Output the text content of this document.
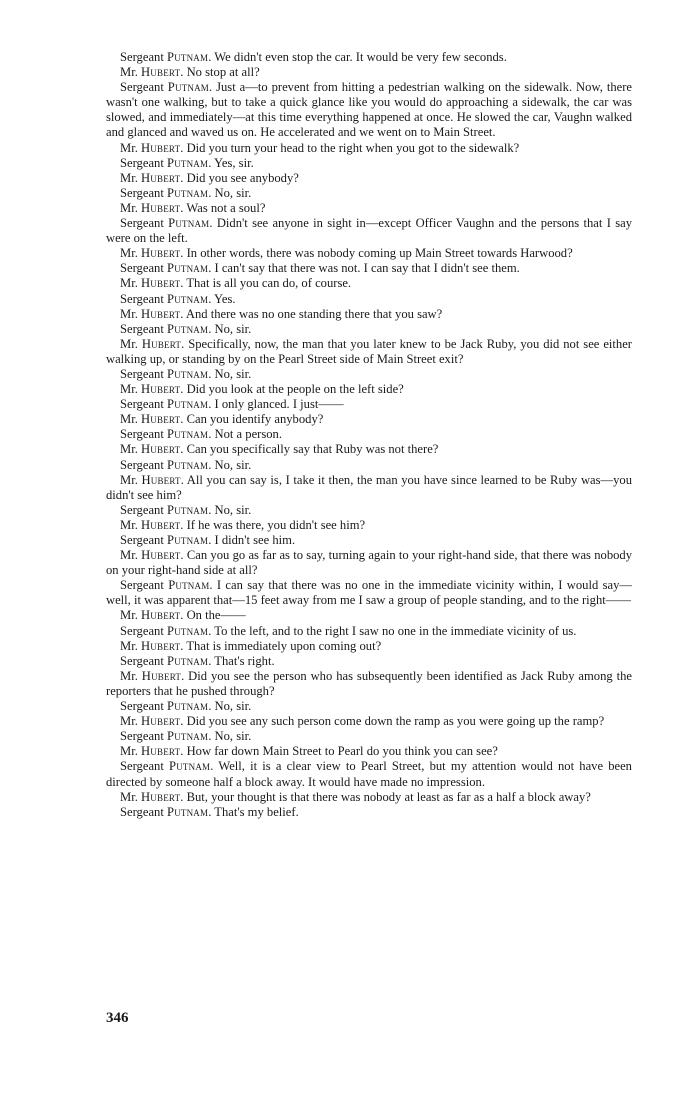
Sergeant Putnam. We didn't even stop the car. It would be very few seconds.

Mr. Hubert. No stop at all?

Sergeant Putnam. Just a—to prevent from hitting a pedestrian walking on the sidewalk. Now, there wasn't one walking, but to take a quick glance like you would do approaching a sidewalk, the car was slowed, and immediately—at this time everything happened at once. He slowed the car, Vaughn walked and glanced and waved us on. He accelerated and we went on to Main Street.

Mr. Hubert. Did you turn your head to the right when you got to the sidewalk?

Sergeant Putnam. Yes, sir.

Mr. Hubert. Did you see anybody?

Sergeant Putnam. No, sir.

Mr. Hubert. Was not a soul?

Sergeant Putnam. Didn't see anyone in sight in—except Officer Vaughn and the persons that I say were on the left.

Mr. Hubert. In other words, there was nobody coming up Main Street towards Harwood?

Sergeant Putnam. I can't say that there was not. I can say that I didn't see them.

Mr. Hubert. That is all you can do, of course.

Sergeant Putnam. Yes.

Mr. Hubert. And there was no one standing there that you saw?

Sergeant Putnam. No, sir.

Mr. Hubert. Specifically, now, the man that you later knew to be Jack Ruby, you did not see either walking up, or standing by on the Pearl Street side of Main Street exit?

Sergeant Putnam. No, sir.

Mr. Hubert. Did you look at the people on the left side?

Sergeant Putnam. I only glanced. I just——

Mr. Hubert. Can you identify anybody?

Sergeant Putnam. Not a person.

Mr. Hubert. Can you specifically say that Ruby was not there?

Sergeant Putnam. No, sir.

Mr. Hubert. All you can say is, I take it then, the man you have since learned to be Ruby was—you didn't see him?

Sergeant Putnam. No, sir.

Mr. Hubert. If he was there, you didn't see him?

Sergeant Putnam. I didn't see him.

Mr. Hubert. Can you go as far as to say, turning again to your right-hand side, that there was nobody on your right-hand side at all?

Sergeant Putnam. I can say that there was no one in the immediate vicinity within, I would say—well, it was apparent that—15 feet away from me I saw a group of people standing, and to the right——

Mr. Hubert. On the——

Sergeant Putnam. To the left, and to the right I saw no one in the immediate vicinity of us.

Mr. Hubert. That is immediately upon coming out?

Sergeant Putnam. That's right.

Mr. Hubert. Did you see the person who has subsequently been identified as Jack Ruby among the reporters that he pushed through?

Sergeant Putnam. No, sir.

Mr. Hubert. Did you see any such person come down the ramp as you were going up the ramp?

Sergeant Putnam. No, sir.

Mr. Hubert. How far down Main Street to Pearl do you think you can see?

Sergeant Putnam. Well, it is a clear view to Pearl Street, but my attention would not have been directed by someone half a block away. It would have made no impression.

Mr. Hubert. But, your thought is that there was nobody at least as far as a half a block away?

Sergeant Putnam. That's my belief.

346
